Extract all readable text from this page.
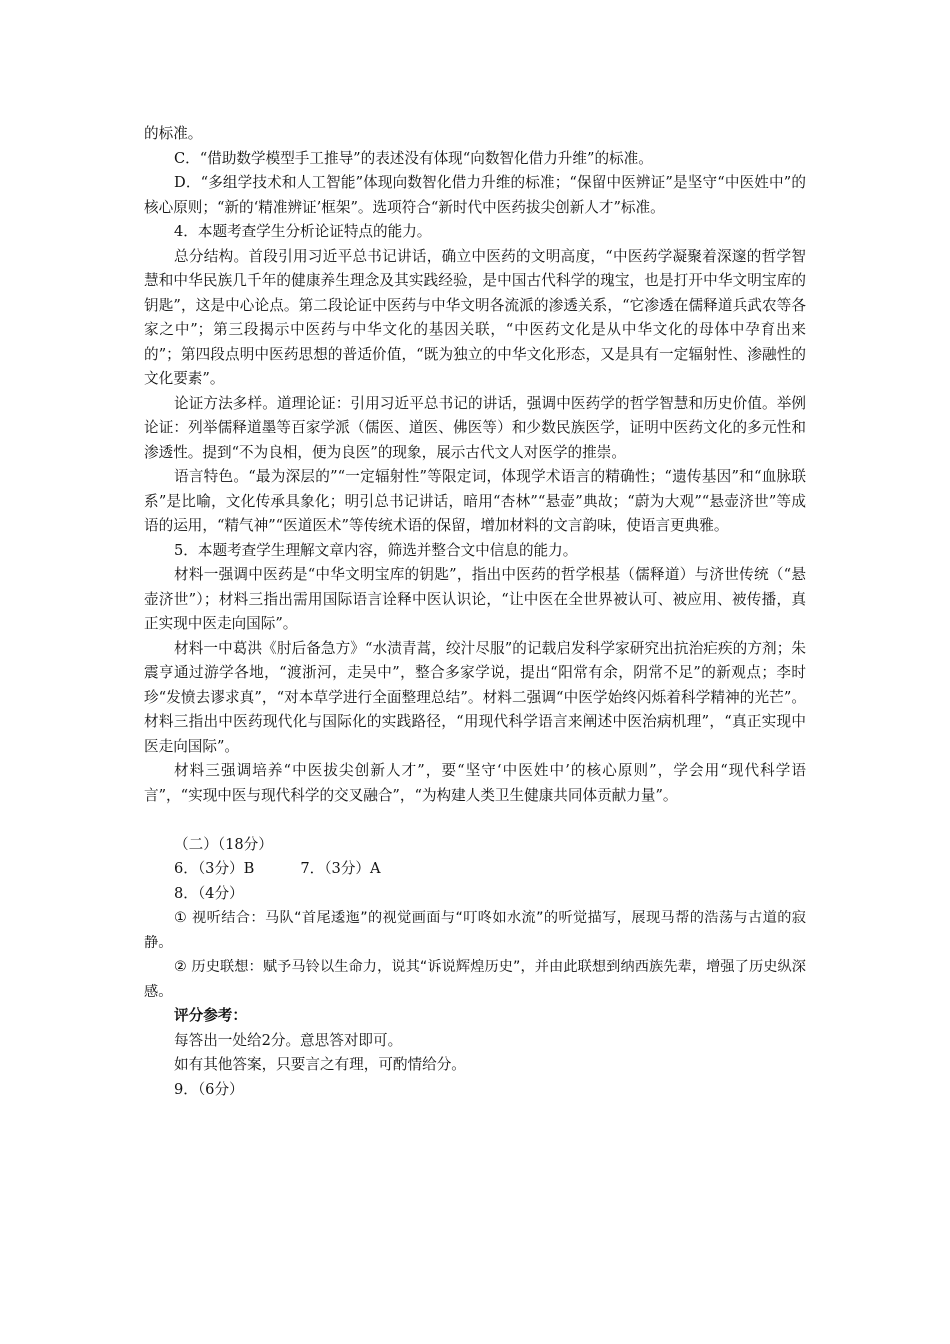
的标准。

C．“借助数学模型手工推导”的表述没有体现“向数智化借力升维”的标准。

D．“多组学技术和人工智能”体现向数智化借力升维的标准；“保留中医辨证”是坚守“中医姓中”的核心原则；“新的‘精准辨证’框架”。选项符合“新时代中医药拔尖创新人才”标准。

4．本题考查学生分析论证特点的能力。

总分结构。首段引用习近平总书记讲话，确立中医药的文明高度，“中医药学凝聚着深邃的哲学智慧和中华民族几千年的健康养生理念及其实践经验，是中国古代科学的瑰宝，也是打开中华文明宝库的钥匙”，这是中心论点。第二段论证中医药与中华文明各流派的渗透关系，“它渗透在儒释道兵武农等各家之中”；第三段揭示中医药与中华文化的基因关联，“中医药文化是从中华文化的母体中孕育出来的”；第四段点明中医药思想的普适价值，“既为独立的中华文化形态，又是具有一定辐射性、渗融性的文化要素”。

论证方法多样。道理论证：引用习近平总书记的讲话，强调中医药学的哲学智慧和历史价值。举例论证：列举儒释道墨等百家学派（儒医、道医、佛医等）和少数民族医学，证明中医药文化的多元性和渗透性。提到“不为良相，便为良医”的现象，展示古代文人对医学的推崇。

语言特色。“最为深层的”“一定辐射性”等限定词，体现学术语言的精确性；“遗传基因”和“血脉联系”是比喻，文化传承具象化；明引总书记讲话，暗用“杏林”“悬壶”典故；“蔚为大观”“悬壶济世”等成语的运用，“精气神”“医道医术”等传统术语的保留，增加材料的文言韵味，使语言更典雅。

5．本题考查学生理解文章内容，筛选并整合文中信息的能力。

材料一强调中医药是“中华文明宝库的钥匙”，指出中医药的哲学根基（儒释道）与济世传统（“悬壶济世”）；材料三指出需用国际语言诠释中医认识论，“让中医在全世界被认可、被应用、被传播，真正实现中医走向国际”。

材料一中葛洪《肘后备急方》“水渍青蒿，绞汁尽服”的记载启发科学家研究出抗治疟疾的方剂；朱震亨通过游学各地，“渡浙河，走吴中”，整合多家学说，提出“阳常有余，阴常不足”的新观点；李时珍“发愤去谬求真”，“对本草学进行全面整理总结”。材料二强调“中医学始终闪烁着科学精神的光芒”。材料三指出中医药现代化与国际化的实践路径，“用现代科学语言来阐述中医治病机理”，“真正实现中医走向国际”。

材料三强调培养“中医拔尖创新人才”，要“坚守‘中医姓中’的核心原则”，学会用“现代科学语言”，“实现中医与现代科学的交叉融合”，“为构建人类卫生健康共同体贡献力量”。

（二）（18分）

6．（3分）B	7．（3分）A

8．（4分）

① 视听结合：马队“首尾逶迤”的视觉画面与“叮咚如水流”的听觉描写，展现马帮的浩荡与古道的寂静。

② 历史联想：赋予马铃以生命力，说其“诉说辉煌历史”，并由此联想到纳西族先辈，增强了历史纵深感。

评分参考：

每答出一处给2分。意思答对即可。

如有其他答案，只要言之有理，可酌情给分。

9．（6分）
